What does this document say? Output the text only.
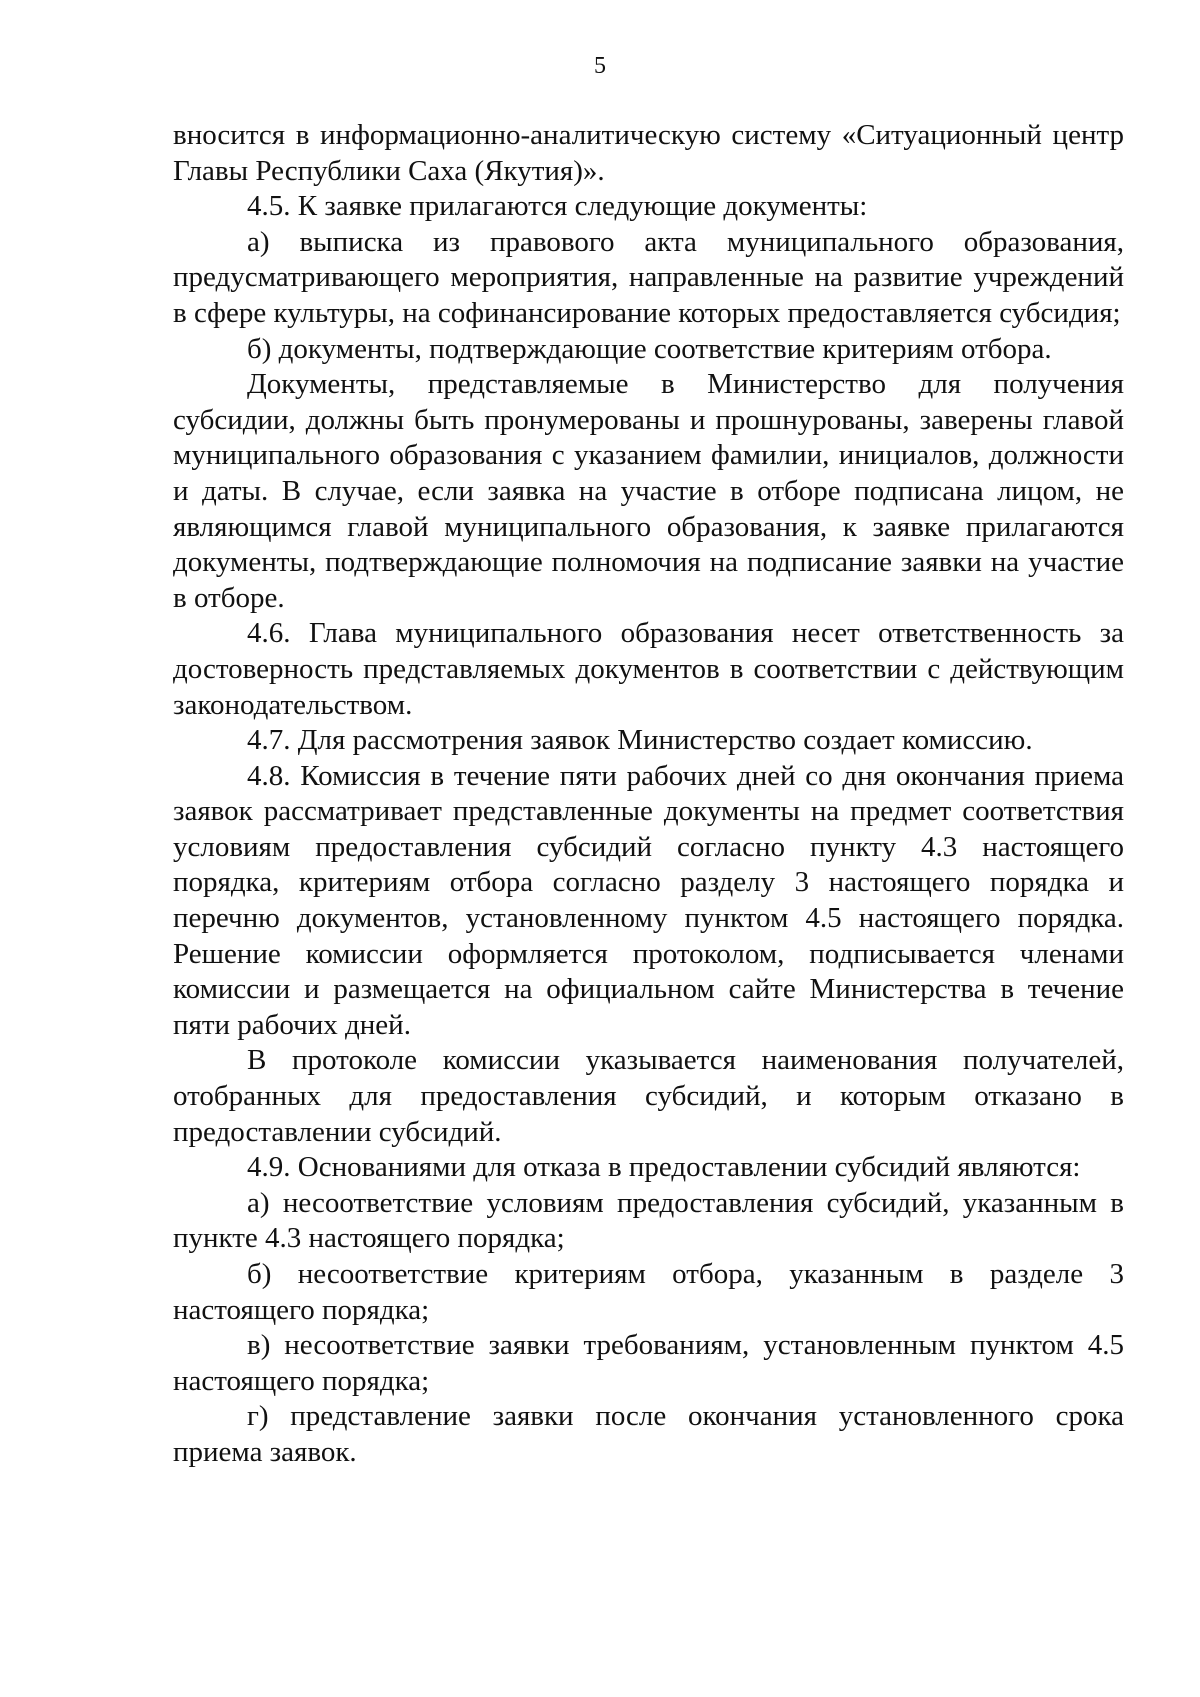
5

вносится в информационно-аналитическую систему «Ситуационный центр Главы Республики Саха (Якутия)».

4.5. К заявке прилагаются следующие документы:

а) выписка из правового акта муниципального образования, предусматривающего мероприятия, направленные на развитие учреждений в сфере культуры, на софинансирование которых предоставляется субсидия;

б) документы, подтверждающие соответствие критериям отбора.

Документы, представляемые в Министерство для получения субсидии, должны быть пронумерованы и прошнурованы, заверены главой муниципального образования с указанием фамилии, инициалов, должности и даты. В случае, если заявка на участие в отборе подписана лицом, не являющимся главой муниципального образования, к заявке прилагаются документы, подтверждающие полномочия на подписание заявки на участие в отборе.

4.6. Глава муниципального образования несет ответственность за достоверность представляемых документов в соответствии с действующим законодательством.

4.7. Для рассмотрения заявок Министерство создает комиссию.

4.8. Комиссия в течение пяти рабочих дней со дня окончания приема заявок рассматривает представленные документы на предмет соответствия условиям предоставления субсидий согласно пункту 4.3 настоящего порядка, критериям отбора согласно разделу 3 настоящего порядка и перечню документов, установленному пунктом 4.5 настоящего порядка. Решение комиссии оформляется протоколом, подписывается членами комиссии и размещается на официальном сайте Министерства в течение пяти рабочих дней.

В протоколе комиссии указывается наименования получателей, отобранных для предоставления субсидий, и которым отказано в предоставлении субсидий.

4.9. Основаниями для отказа в предоставлении субсидий являются:

а) несоответствие условиям предоставления субсидий, указанным в пункте 4.3 настоящего порядка;

б) несоответствие критериям отбора, указанным в разделе 3 настоящего порядка;

в) несоответствие заявки требованиям, установленным пунктом 4.5 настоящего порядка;

г) представление заявки после окончания установленного срока приема заявок.
